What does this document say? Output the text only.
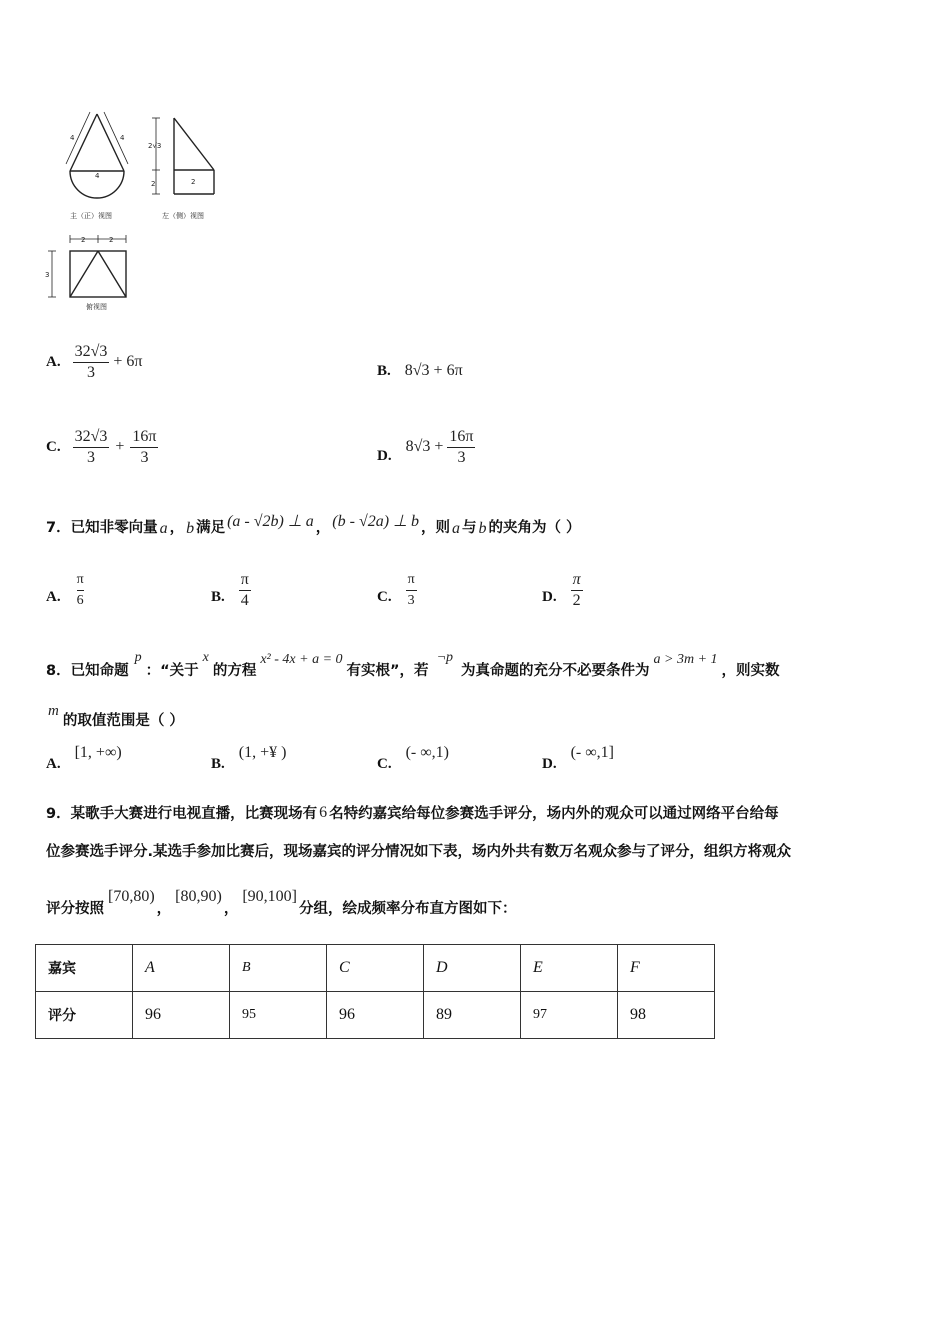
4	4
4
2√3
2	2
2	2
3
主（正）视图	左（侧）视图
俯视图
A. $\frac{32√3}{3} + 6\pi$
B. 8√3 + 6π
C. $\frac{32√3}{3} + \frac{16\pi}{3}$	D.
$8√3 + \frac{16\pi}{3}$
7． 已知非零向量 a ， b 满足 (a - √2b) ⊥ a ， (b - √2a) ⊥ b ，则 a 与 b 的夹角为（ ）
A. $\frac{\pi}{6}$	B. $\frac{\pi}{4}$	C. $\frac{\pi}{3}$	D. $\frac{\pi}{2}$
8． 已知命题
p
：“关于
x
的方程
x² - 4x + a = 0
有实根”，若
¬p
为真命题的充分不必要条件为
a > 3m + 1
，则实数
m
的取值范围是（ ）
A.
[1, +∞)
B.
(1, +¥ )
C.
(- ∞,1)
D.
(- ∞,1]
9． 某歌手大赛进行电视直播，比赛现场有 6 名特约嘉宾给每位参赛选手评分，场内外的观众可以通过网络平台给每
位参赛选手评分.某选手参加比赛后，现场嘉宾的评分情况如下表，场内外共有数万名观众参与了评分，组织方将观众
评分按照
[70,80)
，
[80,90)
，
[90,100]
分组，绘成频率分布直方图如下：
嘉宾	A	B	C	D	E	F
评分	96	95	96	89	97	98
